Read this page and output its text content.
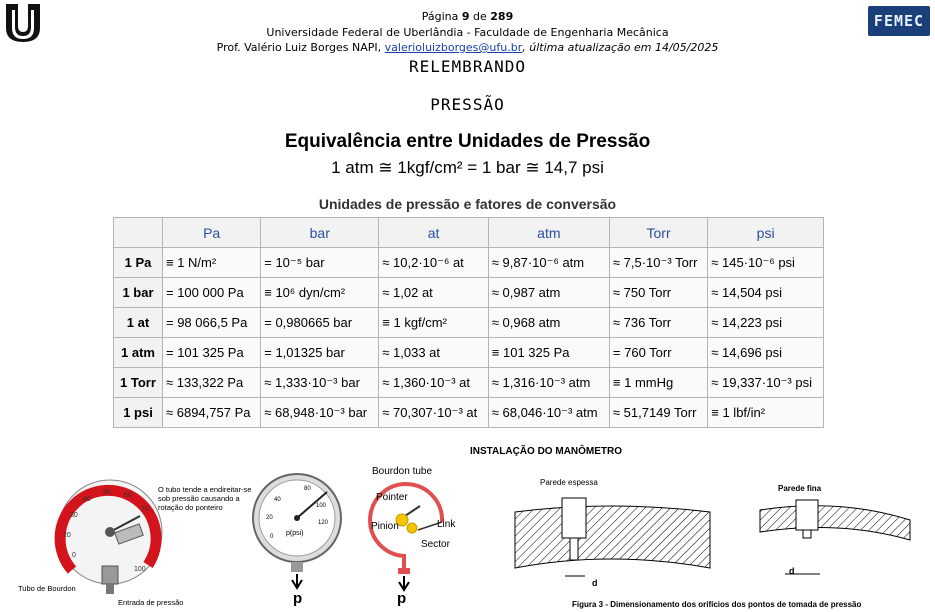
FEMEC
Página 9 de 289
Universidade Federal de Uberlândia - Faculdade de Engenharia Mecânica
Prof. Valério Luiz Borges NAPI, valerioluizborges@ufu.br, última atualização em 14/05/2025
RELEMBRANDO
PRESSÃO
Equivalência entre Unidades de Pressão
1 atm ≅ 1kgf/cm² = 1 bar ≅ 14,7 psi
Unidades de pressão e fatores de conversão
	Pa	bar	at	atm	Torr	psi
1 Pa	≡ 1 N/m²	= 10⁻⁵ bar	≈ 10,2·10⁻⁶ at	≈ 9,87·10⁻⁶ atm	≈ 7,5·10⁻³ Torr	≈ 145·10⁻⁶ psi
1 bar	= 100 000 Pa	≡ 10⁶ dyn/cm²	≈ 1,02 at	≈ 0,987 atm	≈ 750 Torr	≈ 14,504 psi
1 at	= 98 066,5 Pa	= 0,980665 bar	≡ 1 kgf/cm²	≈ 0,968 atm	≈ 736 Torr	≈ 14,223 psi
1 atm	= 101 325 Pa	= 1,01325 bar	≈ 1,033 at	≡ 101 325 Pa	= 760 Torr	≈ 14,696 psi
1 Torr	≈ 133,322 Pa	≈ 1,333·10⁻³ bar	≈ 1,360·10⁻³ at	≈ 1,316·10⁻³ atm	≡ 1 mmHg	≈ 19,337·10⁻³ psi
1 psi	≈ 6894,757 Pa	≈ 68,948·10⁻³ bar	≈ 70,307·10⁻³ at	≈ 68,046·10⁻³ atm	≈ 51,7149 Torr	≡ 1 lbf/in²
INSTALAÇÃO DO MANÔMETRO
0
20
30
40
50 60
70
100
O tubo tende a endireitar-se sob pressão causando a rotação do ponteiro
Tubo de Bourdon
Entrada de pressão
p(psi)
0
20
40
80
120
100
p
Bourdon tube
Pointer
Pinion	Link
Sector
p
Parede espessa
Parede fina
d
d
Figura 3 - Dimensionamento dos orifícios dos pontos de tomada de pressão
